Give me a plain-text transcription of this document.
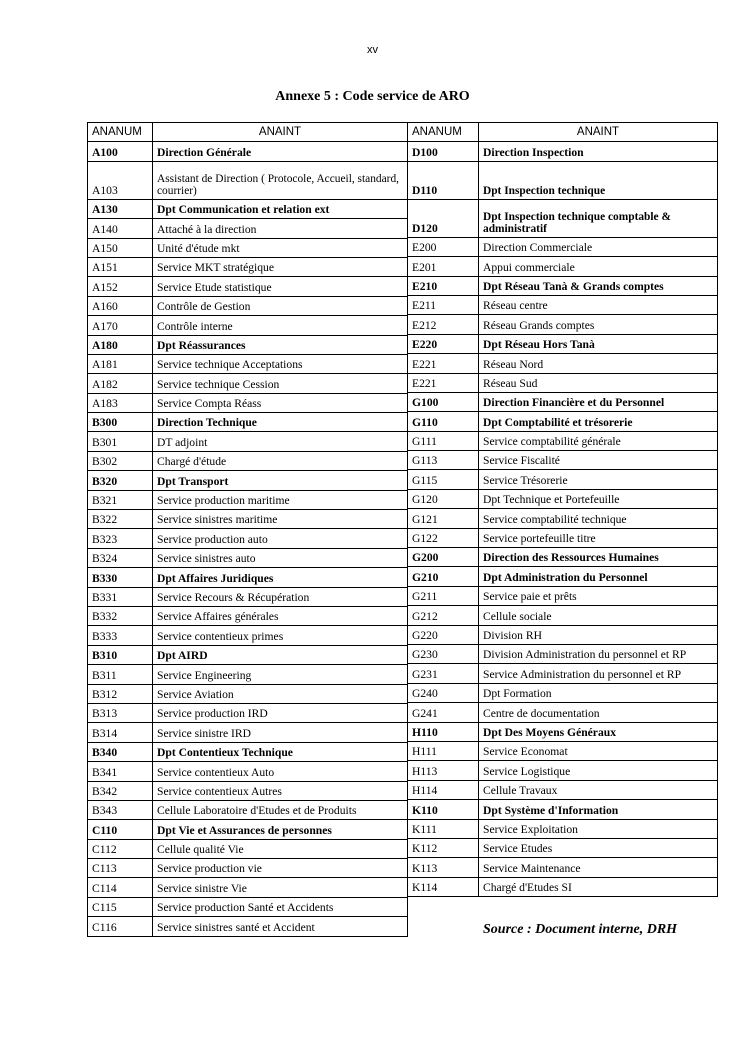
xv
Annexe 5 : Code service de ARO
ANANUM	ANAINT
A100	Direction Générale
A103	Assistant de Direction ( Protocole, Accueil, standard, courrier)
A130	Dpt Communication et relation ext
A140	Attaché à la direction
A150	Unité d'étude mkt
A151	Service MKT stratégique
A152	Service Etude statistique
A160	Contrôle de Gestion
A170	Contrôle interne
A180	Dpt Réassurances
A181	Service technique Acceptations
A182	Service technique Cession
A183	Service Compta Réass
B300	Direction Technique
B301	DT adjoint
B302	Chargé d'étude
B320	Dpt Transport
B321	Service production maritime
B322	Service sinistres maritime
B323	Service production auto
B324	Service sinistres auto
B330	Dpt Affaires Juridiques
B331	Service Recours & Récupération
B332	Service Affaires générales
B333	Service contentieux primes
B310	Dpt AIRD
B311	Service Engineering
B312	Service Aviation
B313	Service production IRD
B314	Service sinistre IRD
B340	Dpt Contentieux Technique
B341	Service contentieux Auto
B342	Service contentieux Autres
B343	Cellule Laboratoire d'Etudes et de Produits
C110	Dpt Vie et Assurances de personnes
C112	Cellule qualité Vie
C113	Service production vie
C114	Service sinistre Vie
C115	Service production Santé et Accidents
C116	Service sinistres santé et Accident
ANANUM	ANAINT
D100	Direction Inspection
D110	Dpt Inspection technique
D120	Dpt Inspection technique comptable & administratif
E200	Direction Commerciale
E201	Appui commerciale
E210	Dpt Réseau Tanà & Grands comptes
E211	Réseau centre
E212	Réseau Grands comptes
E220	Dpt Réseau Hors Tanà
E221	Réseau Nord
E221	Réseau Sud
G100	Direction Financière et du Personnel
G110	Dpt Comptabilité et trésorerie
G111	Service comptabilité générale
G113	Service Fiscalité
G115	Service Trésorerie
G120	Dpt Technique et Portefeuille
G121	Service comptabilité technique
G122	Service portefeuille titre
G200	Direction des Ressources Humaines
G210	Dpt Administration du Personnel
G211	Service paie et prêts
G212	Cellule sociale
G220	Division RH
G230	Division Administration du personnel et RP
G231	Service Administration du personnel et RP
G240	Dpt Formation
G241	Centre de documentation
H110	Dpt Des Moyens Généraux
H111	Service Economat
H113	Service Logistique
H114	Cellule Travaux
K110	Dpt Système d'Information
K111	Service Exploitation
K112	Service Etudes
K113	Service Maintenance
K114	Chargé d'Etudes SI
Source : Document interne, DRH
